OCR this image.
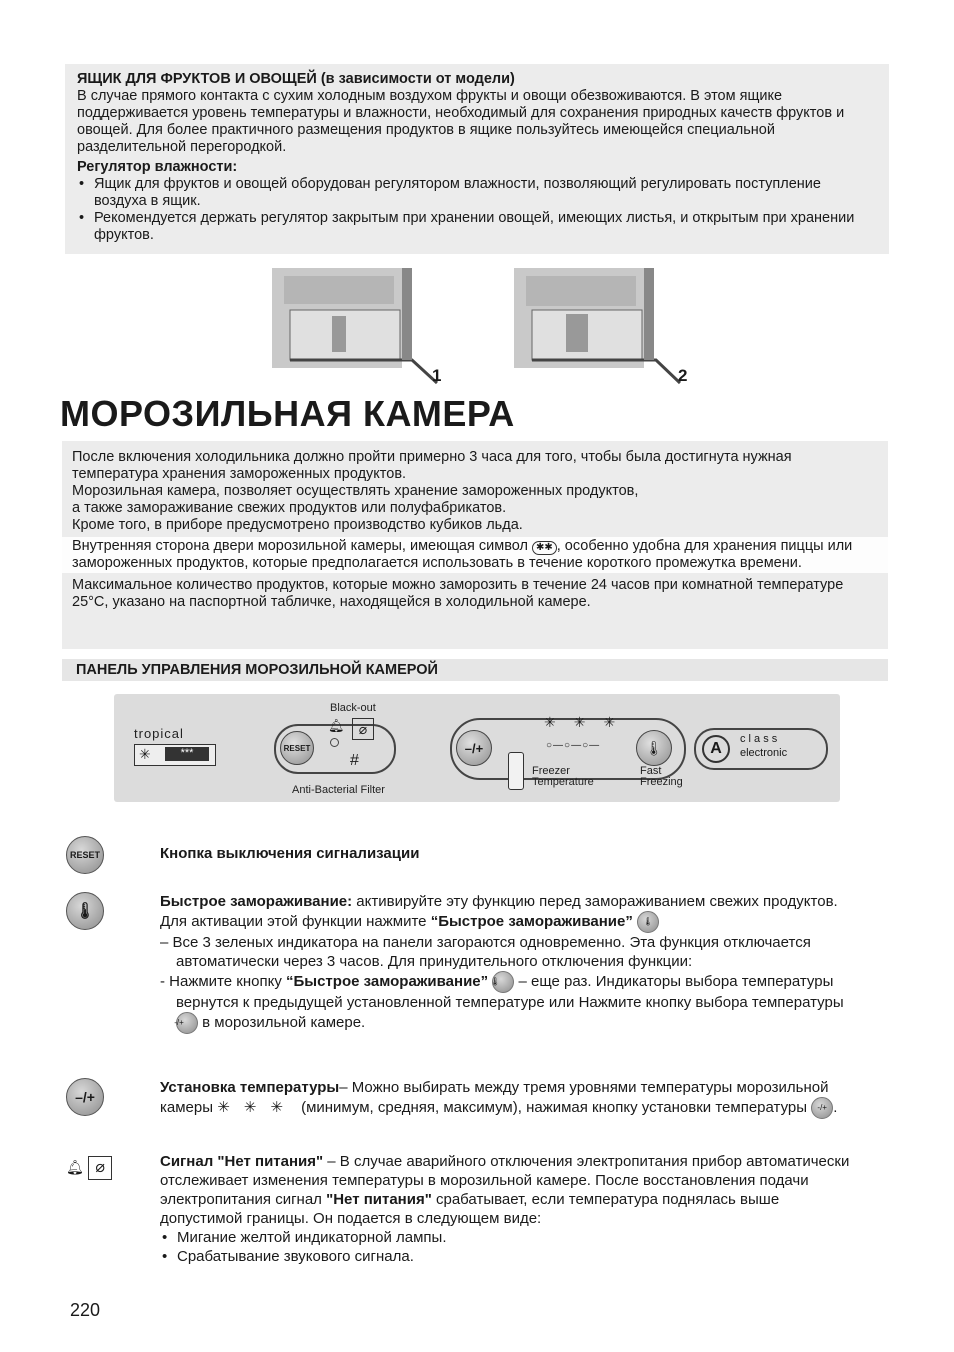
ЯЩИК ДЛЯ ФРУКТОВ И ОВОЩЕЙ (в зависимости от модели)
В случае прямого контакта с сухим холодным воздухом фрукты и овощи обезвоживаются. В этом ящике поддерживается уровень температуры и влажности, необходимый для сохранения природных качеств фруктов и овощей. Для более практичного размещения продуктов в ящике пользуйтесь имеющейся специальной разделительной перегородкой.
Регулятор влажности:
• Ящик для фруктов и овощей оборудован регулятором влажности, позволяющий регулировать поступление воздуха в ящик.
• Рекомендуется держать регулятор закрытым при хранении овощей, имеющих листья, и открытым при хранении фруктов.
1	2
МОРОЗИЛЬНАЯ КАМЕРА

После включения холодильника должно пройти примерно 3 часа для того, чтобы была достигнута нужная температура хранения замороженных продуктов.

Морозильная камера, позволяет осуществлять хранение замороженных продуктов,

а также замораживание свежих продуктов или полуфабрикатов.

Кроме того, в приборе предусмотрено производство кубиков льда.

Внутренняя сторона двери морозильной камеры, имеющая символ ✱✱ , особенно удобна для хранения пиццы или замороженных продуктов, которые предполагается использовать в течение короткого промежутка времени.

Максимальное количество продуктов, которые можно заморозить в течение 24 часов при комнатной температуре 25°С, указано на паспортной табличке, находящейся в холодильной камере.

ПАНЕЛЬ УПРАВЛЕНИЯ МОРОЗИЛЬНОЙ КАМЕРОЙ
tropical
✳	***
Black-out
RESET
🔔︎	⌀
#
Anti-Bacterial Filter
–/+
✳✳✳
○—○—○—	🌡︎
Freezer
Temperature
Fast
Freezing
A
c l a s s
electronic
RESET	Кнопка выключения сигнализации
🌡︎
Быстрое замораживание: активируйте эту функцию перед замораживанием свежих продуктов. Для активации этой функции нажмите “Быстрое замораживание” 🌡︎
– Все 3 зеленых индикатора на панели загораются одновременно. Эта функция отключается автоматически через 3 часов. Для принудительного отключения функции:
- Нажмите кнопку “Быстрое замораживание” 🌡︎ – еще раз. Индикаторы выбора температуры вернутся к предыдущей установленной температуре или Нажмите кнопку выбора температуры -/+ в морозильной камере.
–/+
Установка температуры– Можно выбирать между тремя уровнями температуры морозильной камеры ✳✳✳ (минимум, средняя, максимум), нажимая кнопку установки температуры -/+ .
🔔︎ ⌀	Сигнал "Нет питания" – В случае аварийного отключения электропитания прибор автоматически отслеживает изменения температуры в морозильной камере. После восстановления подачи электропитания сигнал "Нет питания" срабатывает, если температура поднялась выше допустимой границы. Он подается в следующем виде:
• Мигание желтой индикаторной лампы.
• Срабатывание звукового сигнала.
220
